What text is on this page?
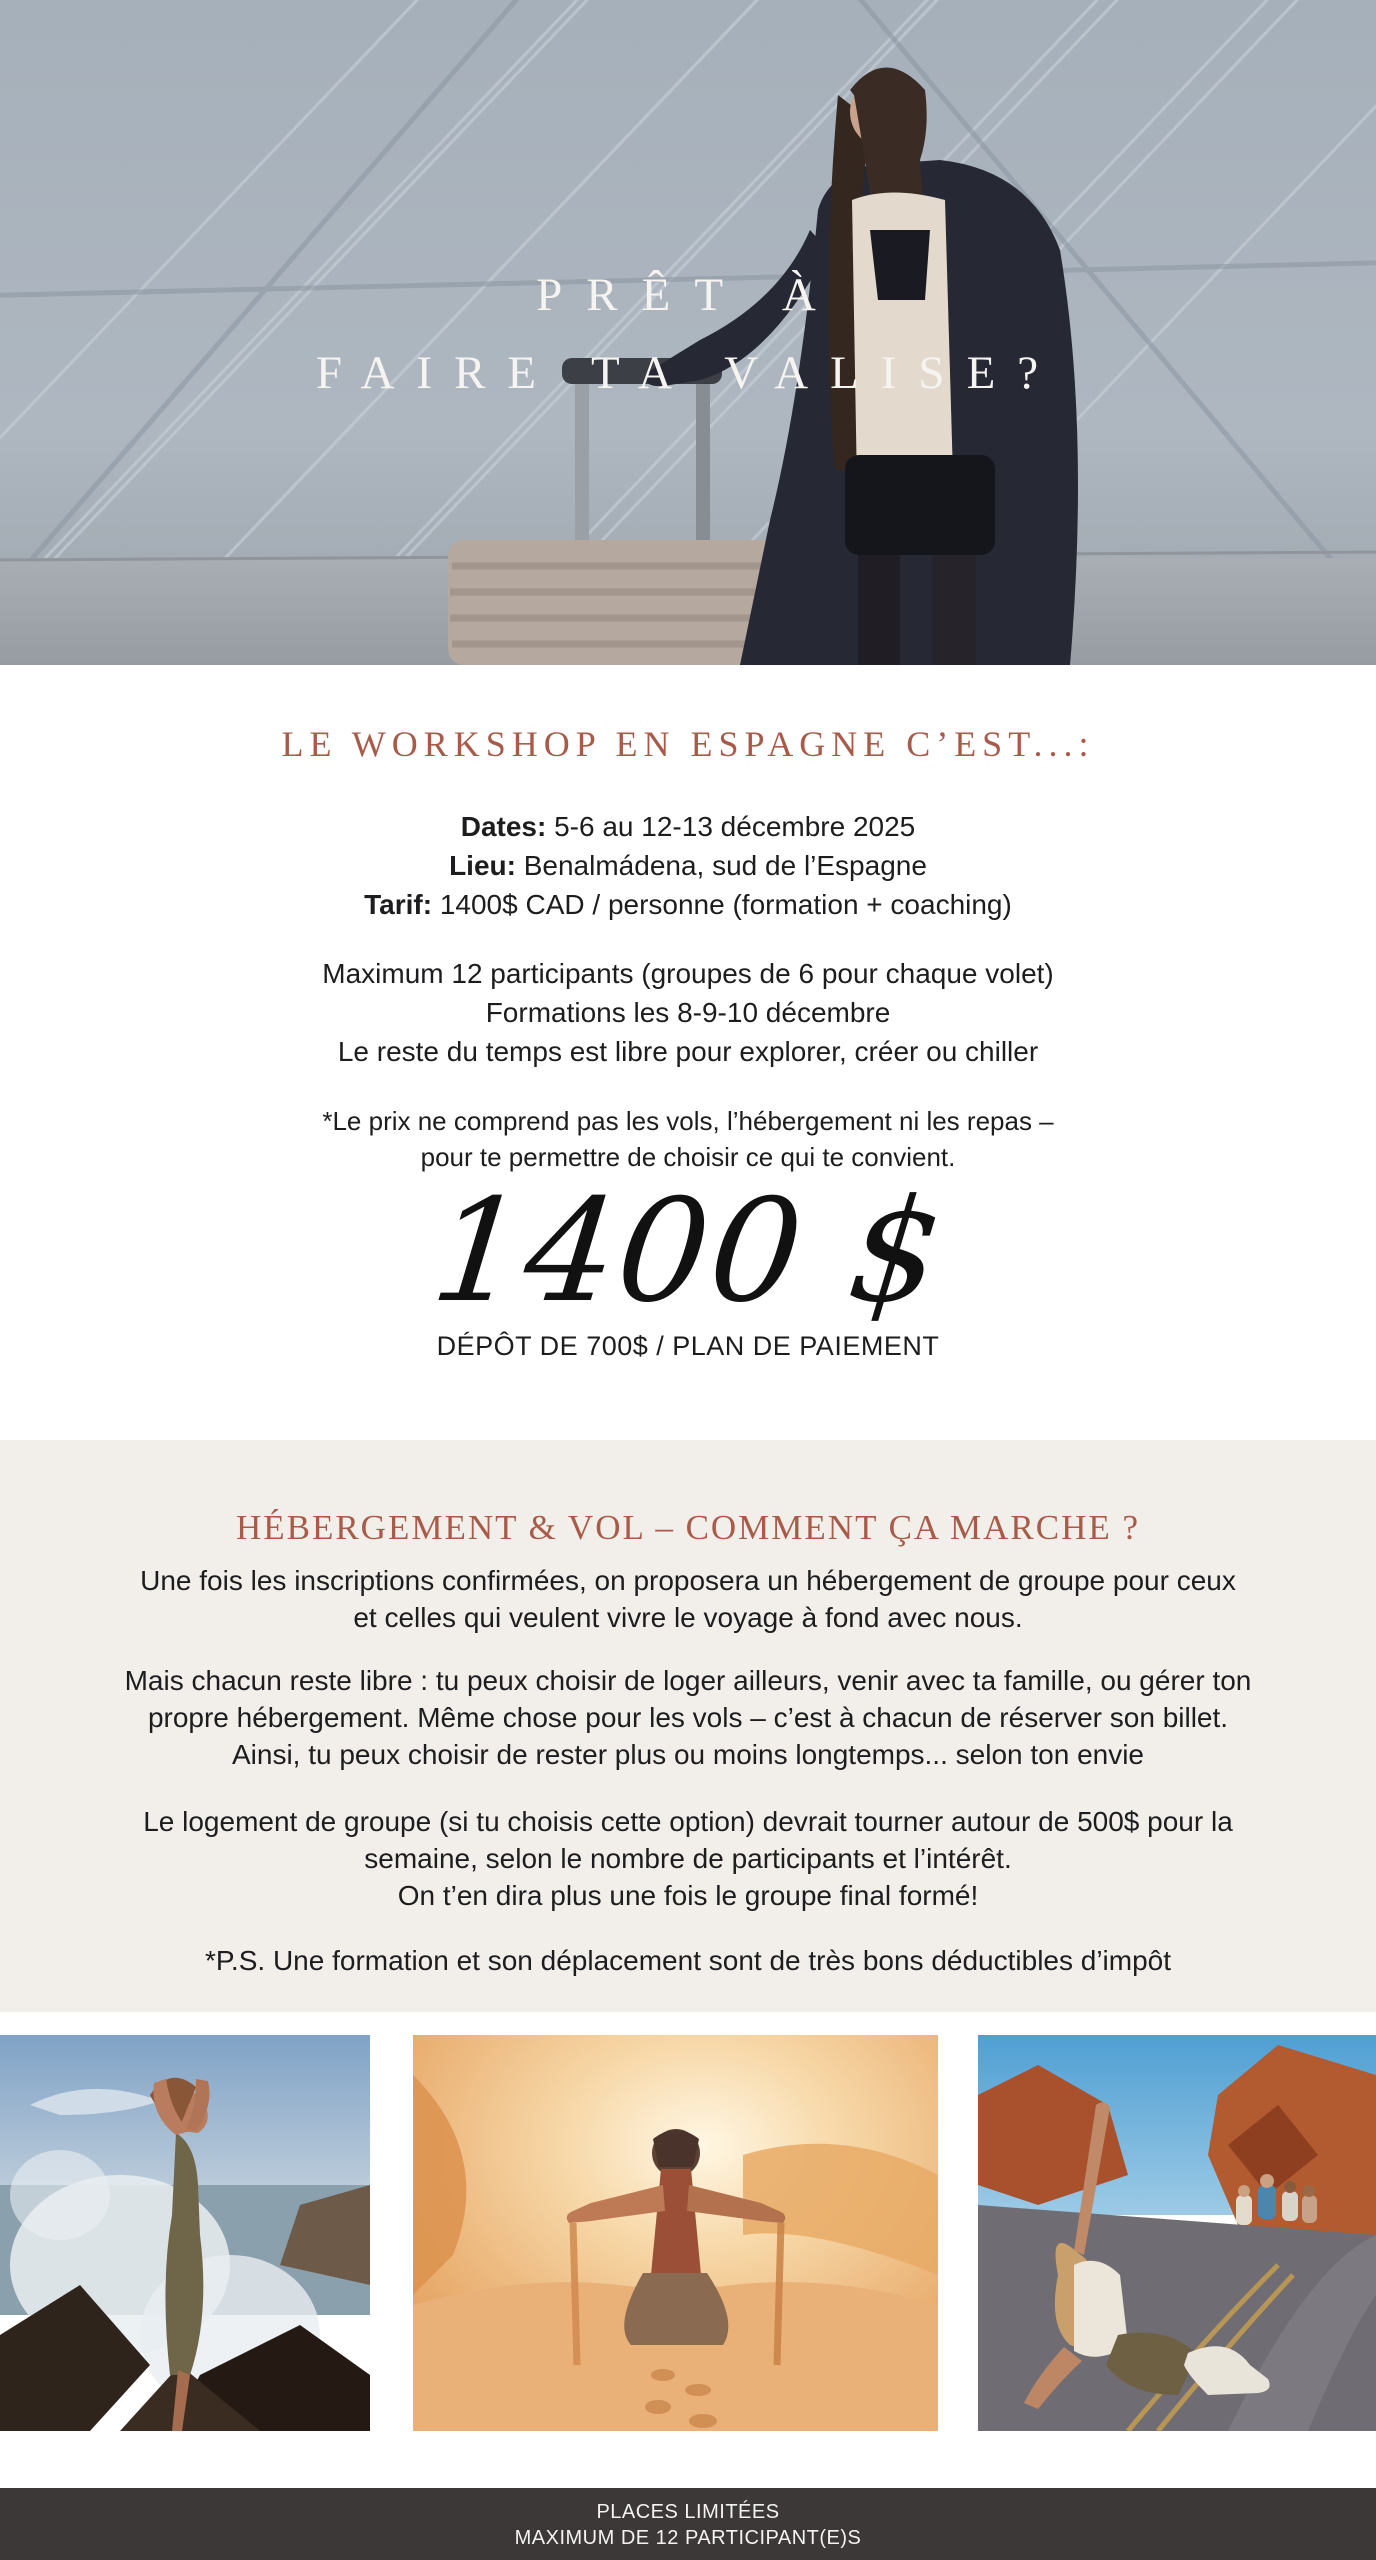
PRÊT À
FAIRE TA VALISE?
LE WORKSHOP EN ESPAGNE C’EST...:
Dates: 5-6 au 12-13 décembre 2025
Lieu: Benalmádena, sud de l’Espagne
Tarif: 1400$ CAD / personne (formation + coaching)
Maximum 12 participants (groupes de 6 pour chaque volet)
Formations les 8-9-10 décembre
Le reste du temps est libre pour explorer, créer ou chiller
*Le prix ne comprend pas les vols, l’hébergement ni les repas –
pour te permettre de choisir ce qui te convient.
1400 $
DÉPÔT DE 700$ / PLAN DE PAIEMENT
HÉBERGEMENT & VOL – COMMENT ÇA MARCHE ?

Une fois les inscriptions confirmées, on proposera un hébergement de groupe pour ceux
et celles qui veulent vivre le voyage à fond avec nous.

Mais chacun reste libre : tu peux choisir de loger ailleurs, venir avec ta famille, ou gérer ton
propre hébergement. Même chose pour les vols – c’est à chacun de réserver son billet.
Ainsi, tu peux choisir de rester plus ou moins longtemps... selon ton envie

Le logement de groupe (si tu choisis cette option) devrait tourner autour de 500$ pour la
semaine, selon le nombre de participants et l’intérêt.
On t’en dira plus une fois le groupe final formé!

*P.S. Une formation et son déplacement sont de très bons déductibles d’impôt

PLACES LIMITÉES
MAXIMUM DE 12 PARTICIPANT(E)S
